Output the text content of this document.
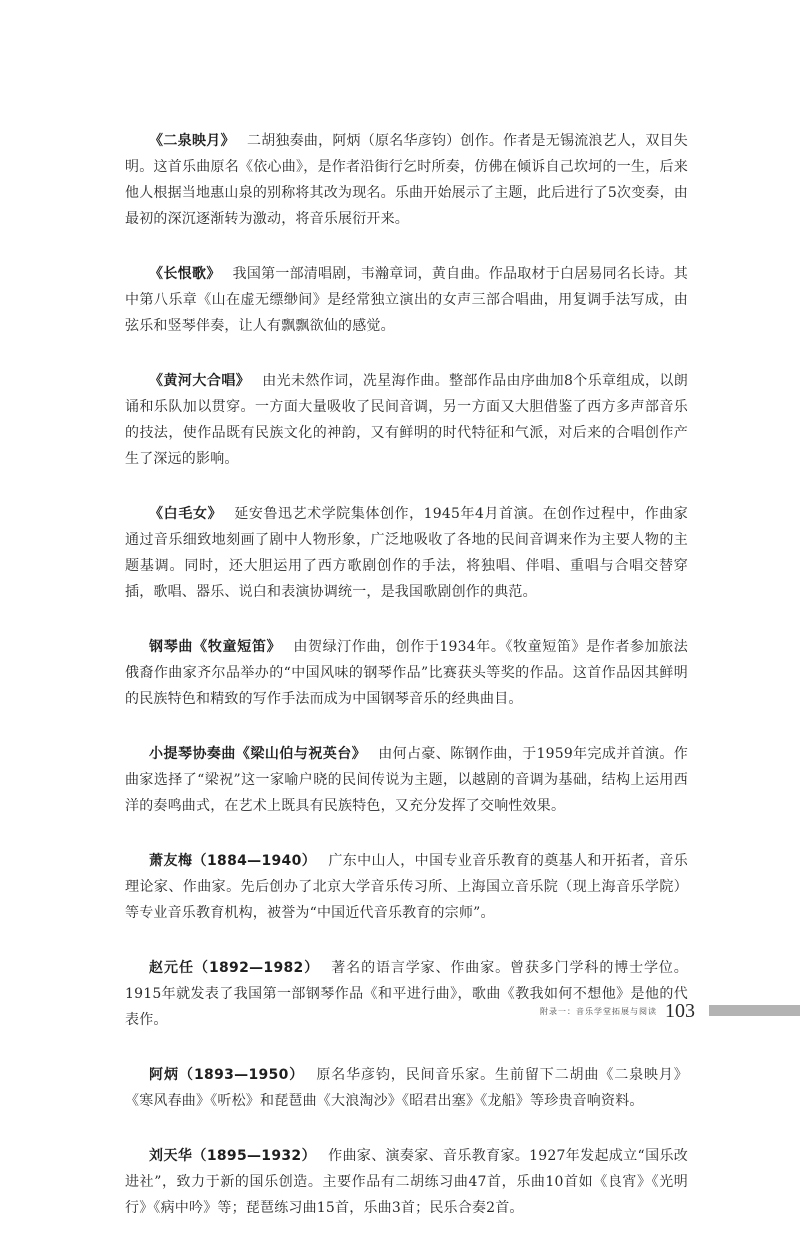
《二泉映月》 二胡独奏曲，阿炳（原名华彦钧）创作。作者是无锡流浪艺人，双目失明。这首乐曲原名《依心曲》，是作者沿街行乞时所奏，仿佛在倾诉自己坎坷的一生，后来他人根据当地惠山泉的别称将其改为现名。乐曲开始展示了主题，此后进行了5次变奏，由最初的深沉逐渐转为激动，将音乐展衍开来。

《长恨歌》 我国第一部清唱剧，韦瀚章词，黄自曲。作品取材于白居易同名长诗。其中第八乐章《山在虚无缥缈间》是经常独立演出的女声三部合唱曲，用复调手法写成，由弦乐和竖琴伴奏，让人有飘飘欲仙的感觉。

《黄河大合唱》 由光未然作词，冼星海作曲。整部作品由序曲加8个乐章组成，以朗诵和乐队加以贯穿。一方面大量吸收了民间音调，另一方面又大胆借鉴了西方多声部音乐的技法，使作品既有民族文化的神韵，又有鲜明的时代特征和气派，对后来的合唱创作产生了深远的影响。

《白毛女》 延安鲁迅艺术学院集体创作，1945年4月首演。在创作过程中，作曲家通过音乐细致地刻画了剧中人物形象，广泛地吸收了各地的民间音调来作为主要人物的主题基调。同时，还大胆运用了西方歌剧创作的手法，将独唱、伴唱、重唱与合唱交替穿插，歌唱、器乐、说白和表演协调统一，是我国歌剧创作的典范。

钢琴曲《牧童短笛》 由贺绿汀作曲，创作于1934年。《牧童短笛》是作者参加旅法俄裔作曲家齐尔品举办的“中国风味的钢琴作品”比赛获头等奖的作品。这首作品因其鲜明的民族特色和精致的写作手法而成为中国钢琴音乐的经典曲目。

小提琴协奏曲《梁山伯与祝英台》 由何占豪、陈钢作曲，于1959年完成并首演。作曲家选择了“梁祝”这一家喻户晓的民间传说为主题，以越剧的音调为基础，结构上运用西洋的奏鸣曲式，在艺术上既具有民族特色，又充分发挥了交响性效果。

萧友梅（1884—1940） 广东中山人，中国专业音乐教育的奠基人和开拓者，音乐理论家、作曲家。先后创办了北京大学音乐传习所、上海国立音乐院（现上海音乐学院）等专业音乐教育机构，被誉为“中国近代音乐教育的宗师”。

赵元任（1892—1982） 著名的语言学家、作曲家。曾获多门学科的博士学位。1915年就发表了我国第一部钢琴作品《和平进行曲》，歌曲《教我如何不想他》是他的代表作。

阿炳（1893—1950） 原名华彦钧，民间音乐家。生前留下二胡曲《二泉映月》《寒风春曲》《听松》和琵琶曲《大浪淘沙》《昭君出塞》《龙船》等珍贵音响资料。

刘天华（1895—1932） 作曲家、演奏家、音乐教育家。1927年发起成立“国乐改进社”，致力于新的国乐创造。主要作品有二胡练习曲47首，乐曲10首如《良宵》《光明行》《病中吟》等；琵琶练习曲15首，乐曲3首；民乐合奏2首。

附录一：音乐学堂拓展与阅读 103
